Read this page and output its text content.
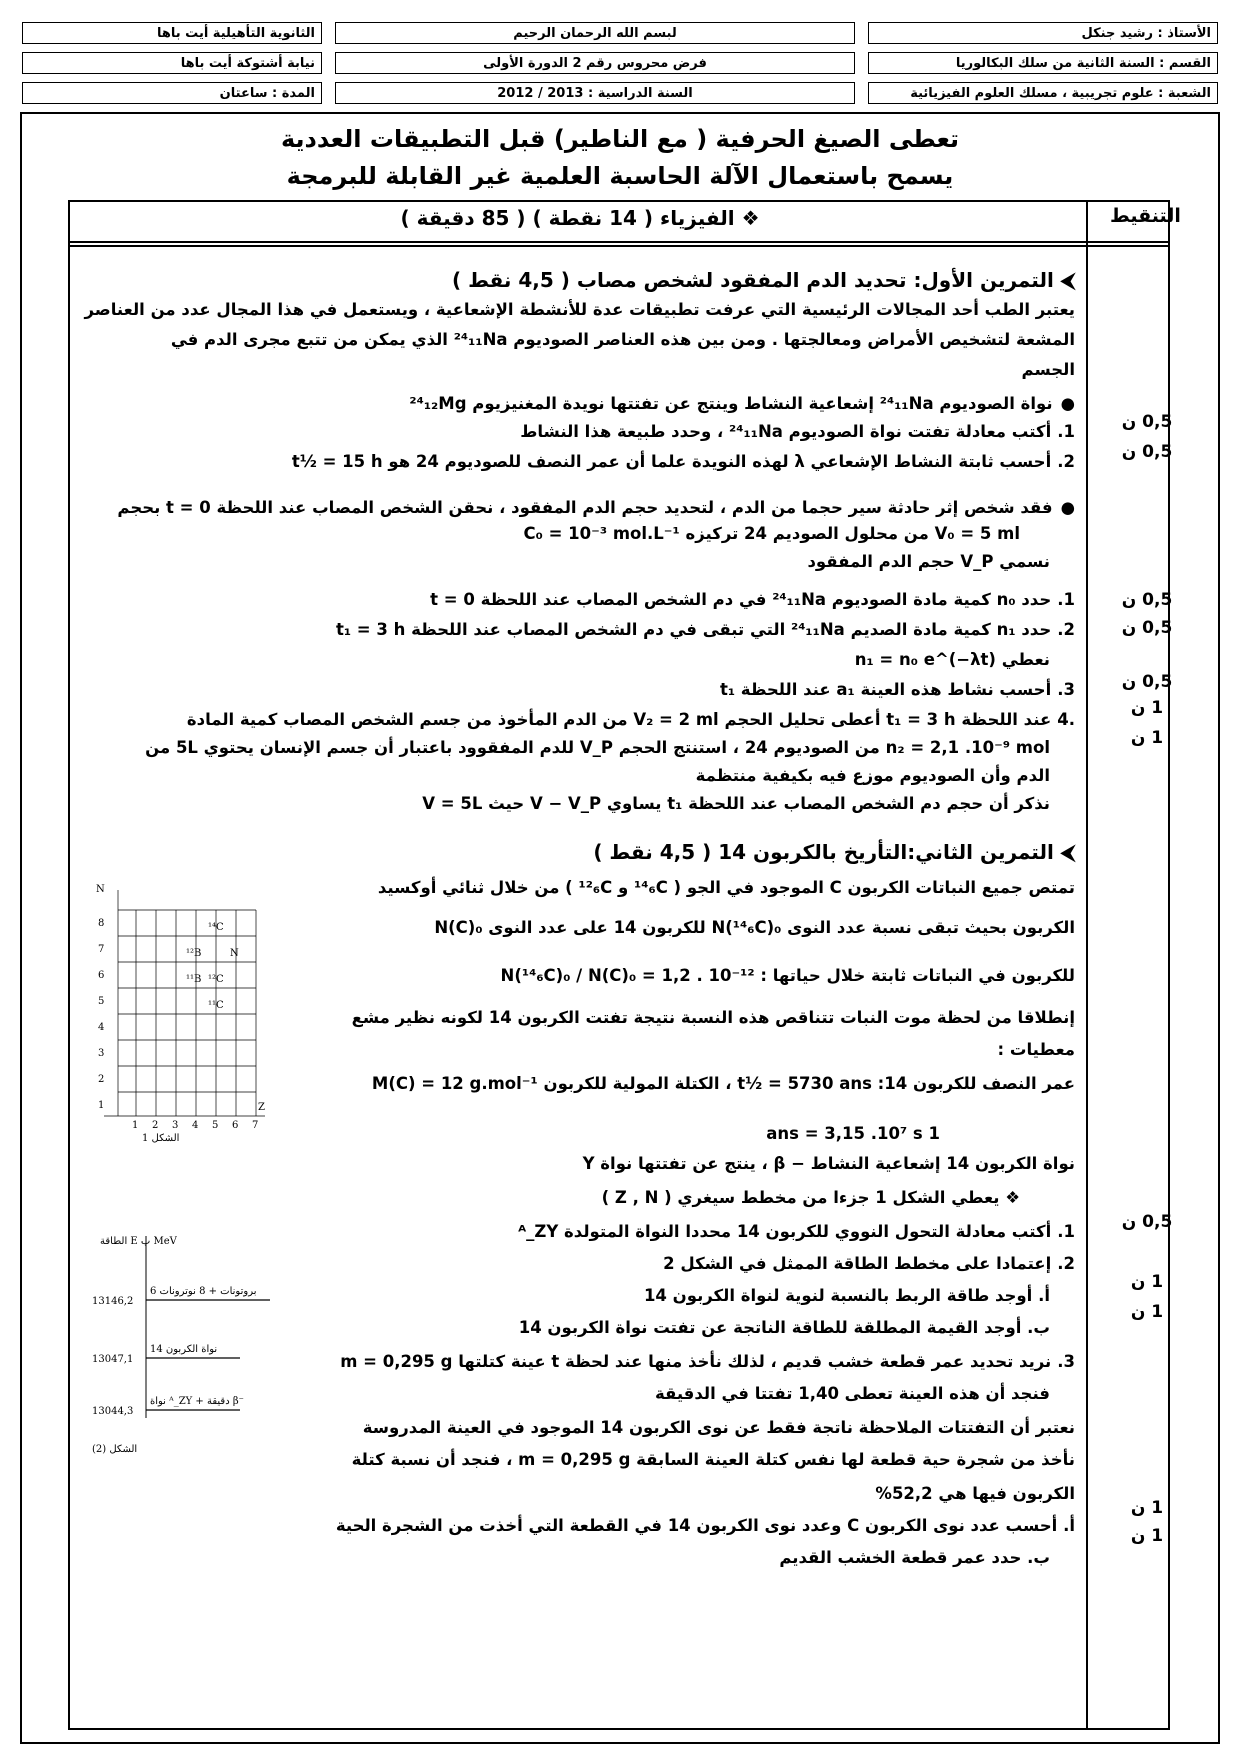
الأستاذ : رشيد جنكل
لبسم الله الرحمان الرحيم
الثانوية التأهيلية أيت باها
القسم : السنة الثانية من سلك البكالوريا
فرض محروس رقم 2 الدورة الأولى
نيابة أشتوكة أيت باها
الشعبة : علوم تجريبية ، مسلك العلوم الفيزيائية
السنة الدراسية : 2013 / 2012
المدة : ساعتان
تعطى الصيغ الحرفية ( مع الناطير) قبل التطبيقات العددية
يسمح باستعمال الآلة الحاسبة العلمية غير القابلة للبرمجة
التنقيط
❖ الفيزياء ( 14 نقطة ) ( 85 دقيقة )
⮜ التمرين الأول: تحديد الدم المفقود لشخص مصاب ( 4,5 نقط )
يعتبر الطب أحد المجالات الرئيسية التي عرفت تطبيقات عدة للأنشطة الإشعاعية ، ويستعمل في هذا المجال عدد من العناصر
المشعة لتشخيص الأمراض ومعالجتها . ومن بين هذه العناصر الصوديوم ²⁴₁₁Na الذي يمكن من تتبع مجرى الدم في
الجسم
●نواة الصوديوم ²⁴₁₁Na إشعاعية النشاط وينتج عن تفتتها نويدة المغنيزيوم ²⁴₁₂Mg
1.أكتب معادلة تفتت نواة الصوديوم ²⁴₁₁Na ، وحدد طبيعة هذا النشاط
2.أحسب ثابتة النشاط الإشعاعي λ لهذه النويدة علما أن عمر النصف للصوديوم 24 هو t½ = 15 h
●فقد شخص إثر حادثة سير حجما من الدم ، لتحديد حجم الدم المفقود ، نحقن الشخص المصاب عند اللحظة t = 0 بحجم
V₀ = 5 ml من محلول الصوديم 24 تركيزه C₀ = 10⁻³ mol.L⁻¹
نسمي V_P حجم الدم المفقود
1.حدد n₀ كمية مادة الصوديوم ²⁴₁₁Na في دم الشخص المصاب عند اللحظة t = 0
2.حدد n₁ كمية مادة الصديم ²⁴₁₁Na التي تبقى في دم الشخص المصاب عند اللحظة t₁ = 3 h
نعطي n₁ = n₀ e^(−λt)
3.أحسب نشاط هذه العينة a₁ عند اللحظة t₁
.4عند اللحظة t₁ = 3 h أعطى تحليل الحجم V₂ = 2 ml من الدم المأخوذ من جسم الشخص المصاب كمية المادة
n₂ = 2,1 .10⁻⁹ mol من الصوديوم 24 ، استنتج الحجم V_P للدم المفقوود باعتبار أن جسم الإنسان يحتوي 5L من
الدم وأن الصوديوم موزع فيه بكيفية منتظمة
نذكر أن حجم دم الشخص المصاب عند اللحظة t₁ يساوي V − V_P حيث V = 5L
⮜ التمرين الثاني:التأريخ بالكربون 14 ( 4,5 نقط )
تمتص جميع النباتات الكربون C الموجود في الجو ( ¹⁴₆C و ¹²₆C ) من خلال ثنائي أوكسيد
الكربون بحيث تبقى نسبة عدد النوى N(¹⁴₆C)₀ للكربون 14 على عدد النوى N(C)₀
للكربون في النباتات ثابتة خلال حياتها : N(¹⁴₆C)₀ / N(C)₀ = 1,2 . 10⁻¹²
إنطلاقا من لحظة موت النبات تتناقص هذه النسبة نتيجة تفتت الكربون 14 لكونه نظير مشع
معطيات :
عمر النصف للكربون 14: t½ = 5730 ans ، الكتلة المولية للكربون M(C) = 12 g.mol⁻¹
1 ans = 3,15 .10⁷ s
نواة الكربون 14 إشعاعية النشاط − β ، ينتج عن تفتتها نواة Y
❖ يعطي الشكل 1 جزءا من مخطط سيغري ( Z , N )
1.أكتب معادلة التحول النووي للكربون 14 محددا النواة المتولدة ᴬ_ZY
2.إعتمادا على مخطط الطاقة الممثل في الشكل 2
أ. أوجد طاقة الربط بالنسبة لنوية لنواة الكربون 14
ب. أوجد القيمة المطلقة للطاقة الناتجة عن تفتت نواة الكربون 14
3.نريد تحديد عمر قطعة خشب قديم ، لذلك نأخذ منها عند لحظة t عينة كتلتها m = 0,295 g
فنجد أن هذه العينة تعطى 1,40 تفتتا في الدقيقة
نعتبر أن التفتتات الملاحظة ناتجة فقط عن نوى الكربون 14 الموجود في العينة المدروسة
نأخذ من شجرة حية قطعة لها نفس كتلة العينة السابقة m = 0,295 g ، فنجد أن نسبة كتلة
الكربون فيها هي 52,2%
أ. أحسب عدد نوى الكربون C وعدد نوى الكربون 14 في القطعة التي أخذت من الشجرة الحية
ب. حدد عمر قطعة الخشب القديم
0,5 ن
0,5 ن
0,5 ن
0,5 ن
0,5 ن
1 ن
1 ن
0,5 ن
1 ن
1 ن
1 ن
1 ن
8
7
6
5
4
3
2
1
N
Z
1 2 3 4 5 6 7
¹⁴C
¹²B	N
¹¹B ¹²C
¹¹C
الشكل 1
الطاقة E ب MeV
13146,2
13047,1
13044,3
6 بروتونات + 8 نوترونات
نواة الكربون 14
نواة ᴬ_ZY + دقيقة β⁻
الشكل (2)
